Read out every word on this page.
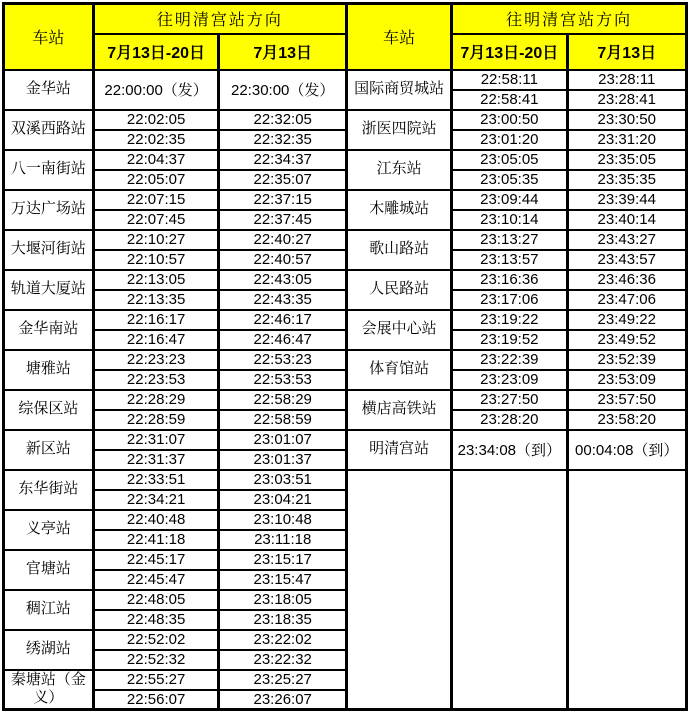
车站	往明清宫站方向		车站	往明清宫站方向	
	7月13日-20日	7月13日		7月13日-20日	7月13日
金华站	22:00:00（发）	22:30:00（发）	国际商贸城站	22:58:11	23:28:11
				22:58:41	23:28:41
双溪西路站	22:02:05	22:32:05	浙医四院站	23:00:50	23:30:50
	22:02:35	22:32:35		23:01:20	23:31:20
八一南街站	22:04:37	22:34:37	江东站	23:05:05	23:35:05
	22:05:07	22:35:07		23:05:35	23:35:35
万达广场站	22:07:15	22:37:15	木雕城站	23:09:44	23:39:44
	22:07:45	22:37:45		23:10:14	23:40:14
大堰河街站	22:10:27	22:40:27	歌山路站	23:13:27	23:43:27
	22:10:57	22:40:57		23:13:57	23:43:57
轨道大厦站	22:13:05	22:43:05	人民路站	23:16:36	23:46:36
	22:13:35	22:43:35		23:17:06	23:47:06
金华南站	22:16:17	22:46:17	会展中心站	23:19:22	23:49:22
	22:16:47	22:46:47		23:19:52	23:49:52
塘雅站	22:23:23	22:53:23	体育馆站	23:22:39	23:52:39
	22:23:53	22:53:53		23:23:09	23:53:09
综保区站	22:28:29	22:58:29	横店高铁站	23:27:50	23:57:50
	22:28:59	22:58:59		23:28:20	23:58:20
新区站	22:31:07	23:01:07	明清宫站	23:34:08（到）	00:04:08（到）
	22:31:37	23:01:37			
东华街站	22:33:51	23:03:51			
	22:34:21	23:04:21			
义亭站	22:40:48	23:10:48			
	22:41:18	23:11:18			
官塘站	22:45:17	23:15:17			
	22:45:47	23:15:47			
稠江站	22:48:05	23:18:05			
	22:48:35	23:18:35			
绣湖站	22:52:02	23:22:02			
	22:52:32	23:22:32			
秦塘站（金义）	22:55:27	23:25:27			
	22:56:07	23:26:07			
